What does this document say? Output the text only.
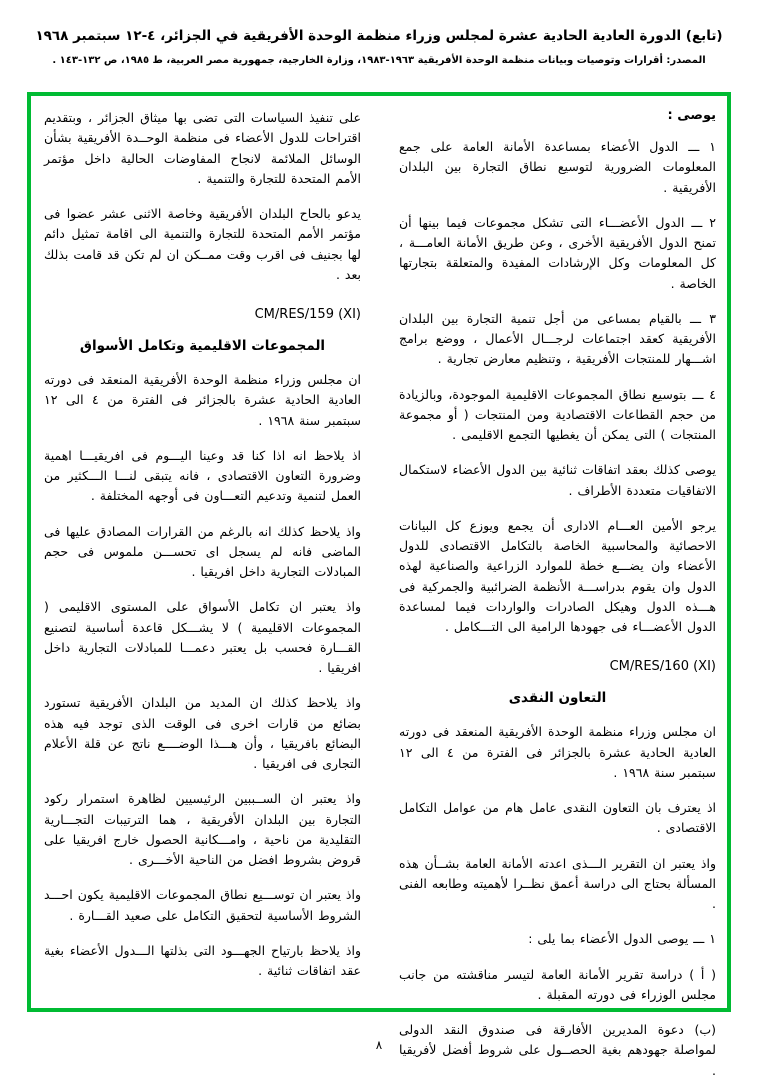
(تابع) الدورة العادية الحادية عشرة لمجلس وزراء منظمة الوحدة الأفريقية في الجزائر، ٤-١٢ سبتمبر ١٩٦٨
المصدر: أقرارات وتوصيات وبيانات منظمة الوحدة الأفريقية ١٩٦٣-١٩٨٣، وزارة الخارجية، جمهورية مصر العربية، ط ١٩٨٥، ص ١٣٢-١٤٣ .
يوصى :

١ ـــ الدول الأعضاء بمساعدة الأمانة العامة على جمع المعلومات الضرورية لتوسيع نطاق التجارة بين البلدان الأفريقية .

٢ ـــ الدول الأعضـــاء التى تشكل مجموعات فيما بينها أن تمنح الدول الأفريقية الأخرى ، وعن طريق الأمانة العامـــة ، كل المعلومات وكل الإرشادات المفيدة والمتعلقة بتجارتها الخاصة .

٣ ـــ بالقيام بمساعى من أجل تنمية التجارة بين البلدان الأفريقية كعقد اجتماعات لرجـــال الأعمال ، ووضع برامج اشـــهار للمنتجات الأفريقية ، وتنظيم معارض تجارية .

٤ ـــ بتوسيع نطاق المجموعات الاقليمية الموجودة، وبالزيادة من حجم القطاعات الاقتصادية ومن المنتجات ( أو مجموعة المنتجات ) التى يمكن أن يغطيها التجمع الاقليمى .

يوصى كذلك بعقد اتفاقات ثنائية بين الدول الأعضاء لاستكمال الاتفاقيات متعددة الأطراف .

يرجو الأمين العـــام الادارى أن يجمع ويوزع كل البيانات الاحصائية والمحاسبية الخاصة بالتكامل الاقتصادى للدول الأعضاء وان يضـــع خطة للموارد الزراعية والصناعية لهذه الدول وان يقوم بدراســـة الأنظمة الضرائبية والجمركية فى هـــذه الدول وهيكل الصادرات والواردات فيما لمساعدة الدول الأعضـــاء فى جهودها الرامية الى التـــكامل .

CM/RES/160 (XI)
التعاون النقدى

ان مجلس وزراء منظمة الوحدة الأفريقية المنعقد فى دورته العادية الحادية عشرة بالجزائر فى الفترة من ٤ الى ١٢ سبتمبر سنة ١٩٦٨ .

اذ يعترف بان التعاون النقدى عامل هام من عوامل التكامل الاقتصادى .

واذ يعتبر ان التقرير الـــذى اعدته الأمانة العامة بشــأن هذه المسألة بحتاج الى دراسة أعمق نظــرا لأهميته وطابعه الفنى .

١ ـــ يوصى الدول الأعضاء بما يلى :

( أ ) دراسة تقرير الأمانة العامة لتيسر مناقشته من جانب مجلس الوزراء فى دورته المقبلة .

(ب) دعوة المديرين الأفارقة فى صندوق النقد الدولى لمواصلة جهودهم بغية الحصــول على شروط أفضل لأفريقيا .

على تنفيذ السياسات التى تضى بها ميثاق الجزائر ، وبتقديم اقتراحات للدول الأعضاء فى منظمة الوحــدة الأفريقية بشأن الوسائل الملائمة لانجاح المفاوضات الحالية داخل مؤتمر الأمم المتحدة للتجارة والتنمية .

يدعو بالحاح البلدان الأفريقية وخاصة الاثنى عشر عضوا فى مؤتمر الأمم المتحدة للتجارة والتنمية الى اقامة تمثيل دائم لها بجنيف فى اقرب وقت ممــكن ان لم تكن قد قامت بذلك بعد .

CM/RES/159 (XI)
المجموعات الاقليمية وتكامل الأسواق

ان مجلس وزراء منظمة الوحدة الأفريقية المنعقد فى دورته العادية الحادية عشرة بالجزائر فى الفترة من ٤ الى ١٢ سبتمبر سنة ١٩٦٨ .

اذ يلاحظ انه اذا كنا قد وعينا اليـــوم فى افريقيـــا اهمية وضرورة التعاون الاقتصادى ، فانه يتبقى لنـــا الـــكثير من العمل لتنمية وتدعيم التعـــاون فى أوجهه المختلفة .

واذ يلاحظ كذلك انه بالرغم من القرارات المصادق عليها فى الماضى فانه لم يسجل اى تحســـن ملموس فى حجم المبادلات التجارية داخل افريقيا .

واذ يعتبر ان تكامل الأسواق على المستوى الاقليمى ( المجموعات الاقليمية ) لا يشـــكل قاعدة أساسية لتصنيع القـــارة فحسب بل يعتبر دعمـــا للمبادلات التجارية داخل افريقيا .

واذ يلاحظ كذلك ان المديد من البلدان الأفريقية تستورد بضائع من قارات اخرى فى الوقت الذى توجد فيه هذه البضائع بافريقيا ، وأن هـــذا الوضــــع ناتج عن قلة الأعلام التجارى فى افريقيا .

واذ يعتبر ان الســببين الرئيسيين لظاهرة استمرار ركود التجارة بين البلدان الأفريقية ، هما الترتيبات التجـــارية التقليدية من ناحية ، وامـــكانية الحصول خارج افريقيا على قروض بشروط افضل من الناحية الأخـــرى .

واذ يعتبر ان توســـيع نطاق المجموعات الاقليمية يكون احـــد الشروط الأساسية لتحقيق التكامل على صعيد القـــارة .

واذ يلاحظ بارتياح الجهـــود التى بذلتها الـــدول الأعضاء بغية عقد اتفاقات ثنائية .

٨
